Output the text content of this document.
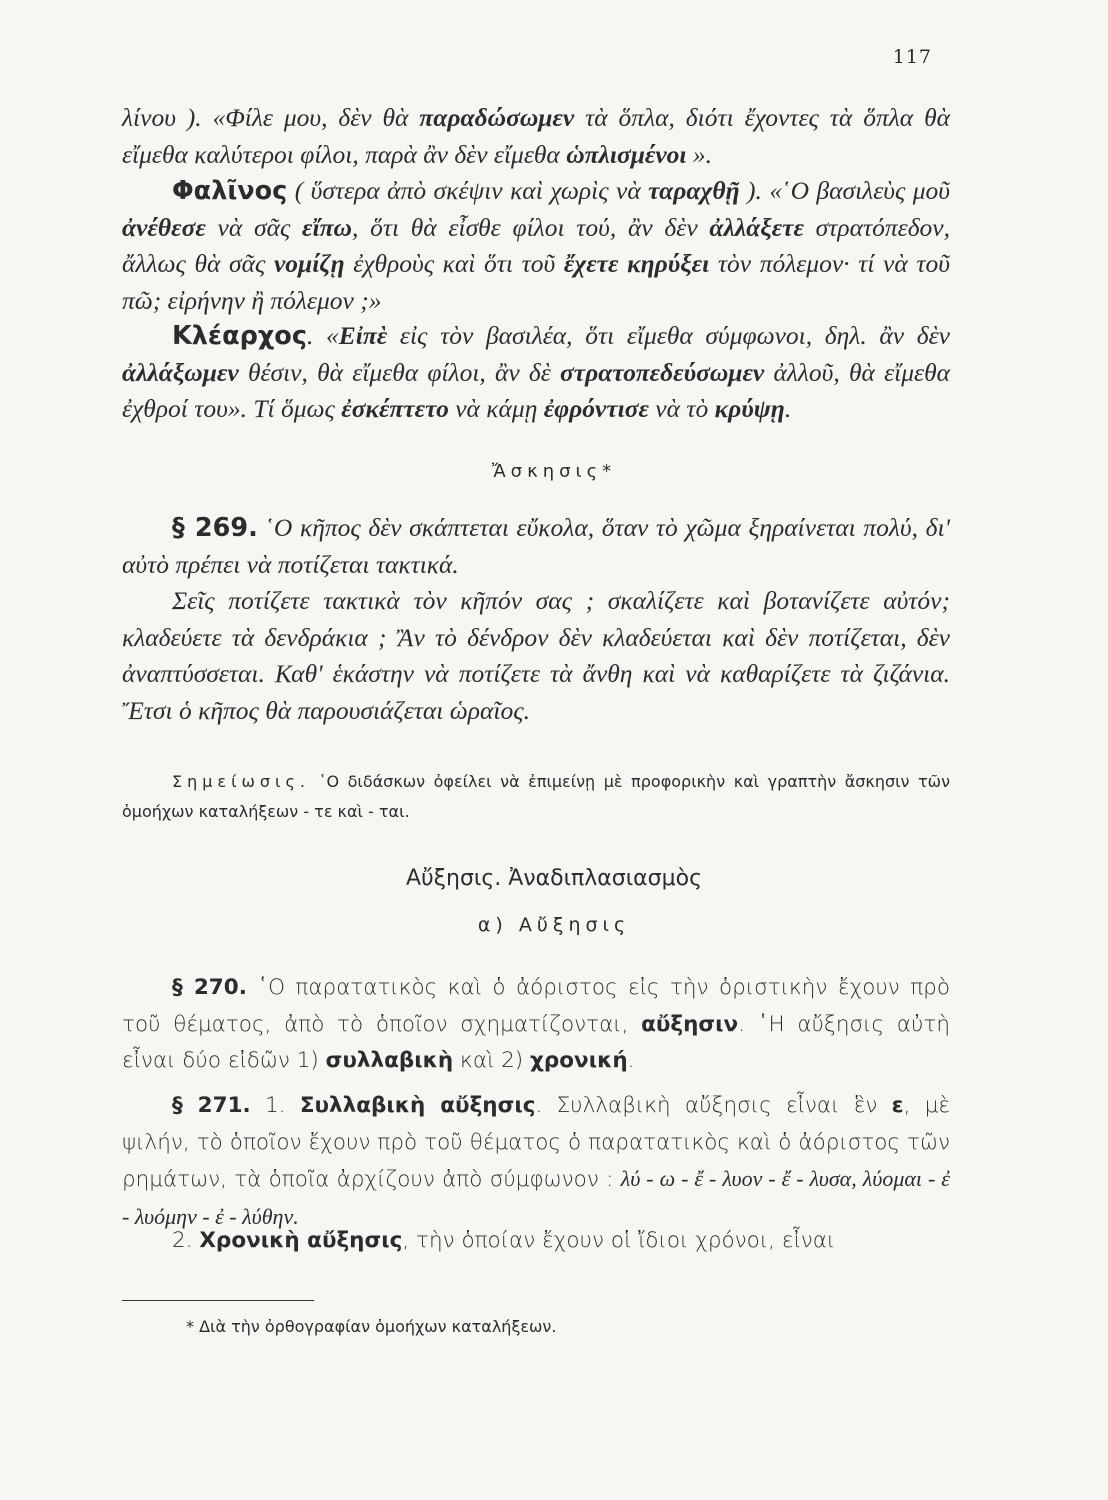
117

λίνου ). «Φίλε μου, δὲν θὰ παραδώσωμεν τὰ ὅπλα, διότι ἔχοντες τὰ ὅπλα θὰ εἴμεθα καλύτεροι φίλοι, παρὰ ἂν δὲν εἴμεθα ὡπλισμένοι ».

Φαλῖνος ( ὕστερα ἀπὸ σκέψιν καὶ χωρὶς νὰ ταραχθῇ ). «῾Ο βασιλεὺς μοῦ ἀνέθεσε νὰ σᾶς εἴπω, ὅτι θὰ εἶσθε φίλοι τού, ἂν δὲν ἀλλάξετε στρατόπεδον, ἄλλως θὰ σᾶς νομίζῃ ἐχθροὺς καὶ ὅτι τοῦ ἔχετε κηρύξει τὸν πόλεμον· τί νὰ τοῦ πῶ; εἰρήνην ἢ πόλεμον ;»

Κλέαρχος. «Εἰπὲ εἰς τὸν βασιλέα, ὅτι εἴμεθα σύμφωνοι, δηλ. ἂν δὲν ἀλλάξωμεν θέσιν, θὰ εἴμεθα φίλοι, ἂν δὲ στρατοπεδεύσωμεν ἀλλοῦ, θὰ εἴμεθα ἐχθροί του». Τί ὅμως ἐσκέπτετο νὰ κάμῃ ἐφρόντισε νὰ τὸ κρύψῃ.

Ἄσκησις*

§ 269. ῾Ο κῆπος δὲν σκάπτεται εὔκολα, ὅταν τὸ χῶμα ξηραίνεται πολύ, δι' αὐτὸ πρέπει νὰ ποτίζεται τακτικά.

Σεῖς ποτίζετε τακτικὰ τὸν κῆπόν σας ; σκαλίζετε καὶ βοτανίζετε αὐτόν; κλαδεύετε τὰ δενδράκια ; Ἂν τὸ δένδρον δὲν κλαδεύεται καὶ δὲν ποτίζεται, δὲν ἀναπτύσσεται. Καθ' ἑκάστην νὰ ποτίζετε τὰ ἄνθη καὶ νὰ καθαρίζετε τὰ ζιζάνια. Ἔτσι ὁ κῆπος θὰ παρουσιάζεται ὡραῖος.

Σημείωσις. ῾Ο διδάσκων ὀφείλει νὰ ἐπιμείνῃ μὲ προφορικὴν καὶ γραπτὴν ἄσκησιν τῶν ὁμοήχων καταλήξεων - τε καὶ - ται.

Αὔξησις. Ἀναδιπλασιασμὸς
α) Αὔξησις

§ 270. ῾Ο παρατατικὸς καὶ ὁ ἀόριστος εἰς τὴν ὁριστικὴν ἔχουν πρὸ τοῦ θέματος, ἀπὸ τὸ ὁποῖον σχηματίζονται, αὔξησιν. ῾Η αὔξησις αὐτὴ εἶναι δύο εἰδῶν 1) συλλαβικὴ καὶ 2) χρονική.

§ 271. 1. Συλλαβικὴ αὔξησις. Συλλαβικὴ αὔξησις εἶναι ἓν ε, μὲ ψιλήν, τὸ ὁποῖον ἔχουν πρὸ τοῦ θέματος ὁ παρατατικὸς καὶ ὁ ἀόριστος τῶν ρημάτων, τὰ ὁποῖα ἀρχίζουν ἀπὸ σύμφωνον : λύ - ω - ἔ - λυον - ἔ - λυσα, λύομαι - ἐ - λυόμην - ἐ - λύθην.

2. Χρονικὴ αὔξησις, τὴν ὁποίαν ἔχουν οἱ ἴδιοι χρόνοι, εἶναι

* Διὰ τὴν ὀρθογραφίαν ὁμοήχων καταλήξεων.
